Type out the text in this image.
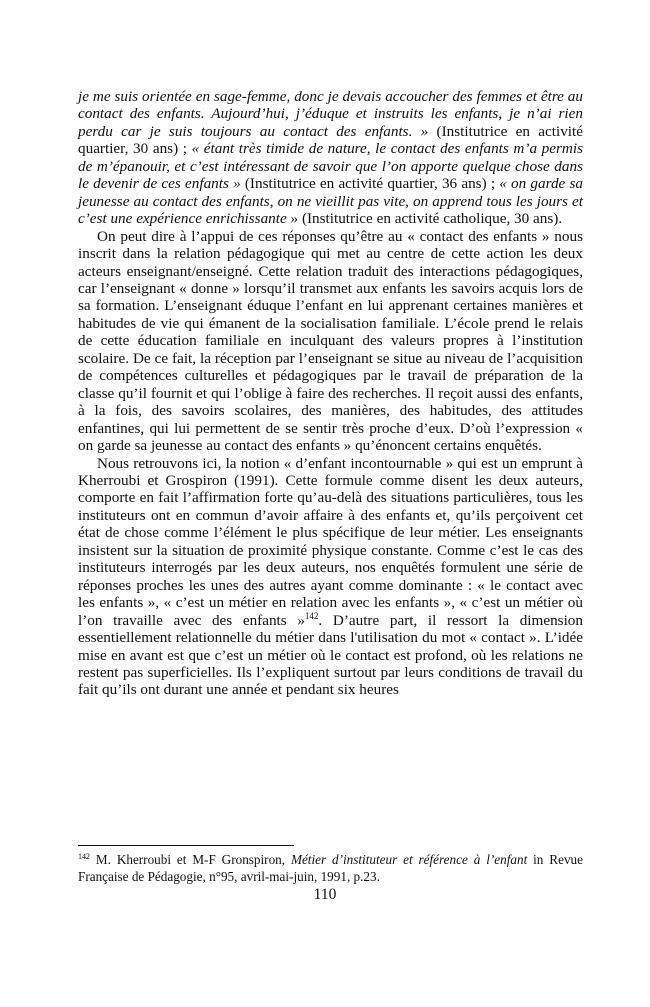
je me suis orientée en sage-femme, donc je devais accoucher des femmes et être au contact des enfants. Aujourd’hui, j’éduque et instruits les enfants, je n’ai rien perdu car je suis toujours au contact des enfants. » (Institutrice en activité quartier, 30 ans) ; « étant très timide de nature, le contact des enfants m’a permis de m’épanouir, et c’est intéressant de savoir que l’on apporte quelque chose dans le devenir de ces enfants » (Institutrice en activité quartier, 36 ans) ; « on garde sa jeunesse au contact des enfants, on ne vieillit pas vite, on apprend tous les jours et c’est une expérience enrichissante » (Institutrice en activité catholique, 30 ans).

On peut dire à l’appui de ces réponses qu’être au « contact des enfants » nous inscrit dans la relation pédagogique qui met au centre de cette action les deux acteurs enseignant/enseigné. Cette relation traduit des interactions pédagogiques, car l’enseignant « donne » lorsqu’il transmet aux enfants les savoirs acquis lors de sa formation. L’enseignant éduque l’enfant en lui apprenant certaines manières et habitudes de vie qui émanent de la socialisation familiale. L’école prend le relais de cette éducation familiale en inculquant des valeurs propres à l’institution scolaire. De ce fait, la réception par l’enseignant se situe au niveau de l’acquisition de compétences culturelles et pédagogiques par le travail de préparation de la classe qu’il fournit et qui l’oblige à faire des recherches. Il reçoit aussi des enfants, à la fois, des savoirs scolaires, des manières, des habitudes, des attitudes enfantines, qui lui permettent de se sentir très proche d’eux. D’où l’expression « on garde sa jeunesse au contact des enfants » qu’énoncent certains enquêtés.

Nous retrouvons ici, la notion « d’enfant incontournable » qui est un emprunt à Kherroubi et Grospiron (1991). Cette formule comme disent les deux auteurs, comporte en fait l’affirmation forte qu’au-delà des situations particulières, tous les instituteurs ont en commun d’avoir affaire à des enfants et, qu’ils perçoivent cet état de chose comme l’élément le plus spécifique de leur métier. Les enseignants insistent sur la situation de proximité physique constante. Comme c’est le cas des instituteurs interrogés par les deux auteurs, nos enquêtés formulent une série de réponses proches les unes des autres ayant comme dominante : « le contact avec les enfants », « c’est un métier en relation avec les enfants », « c’est un métier où l’on travaille avec des enfants »$^{142}$. D’autre part, il ressort la dimension essentiellement relationnelle du métier dans l'utilisation du mot « contact ». L’idée mise en avant est que c’est un métier où le contact est profond, où les relations ne restent pas superficielles. Ils l’expliquent surtout par leurs conditions de travail du fait qu’ils ont durant une année et pendant six heures

$^{142}$ M. Kherroubi et M-F Gronspiron, Métier d’instituteur et référence à l’enfant in Revue Française de Pédagogie, n°95, avril-mai-juin, 1991, p.23.
110
